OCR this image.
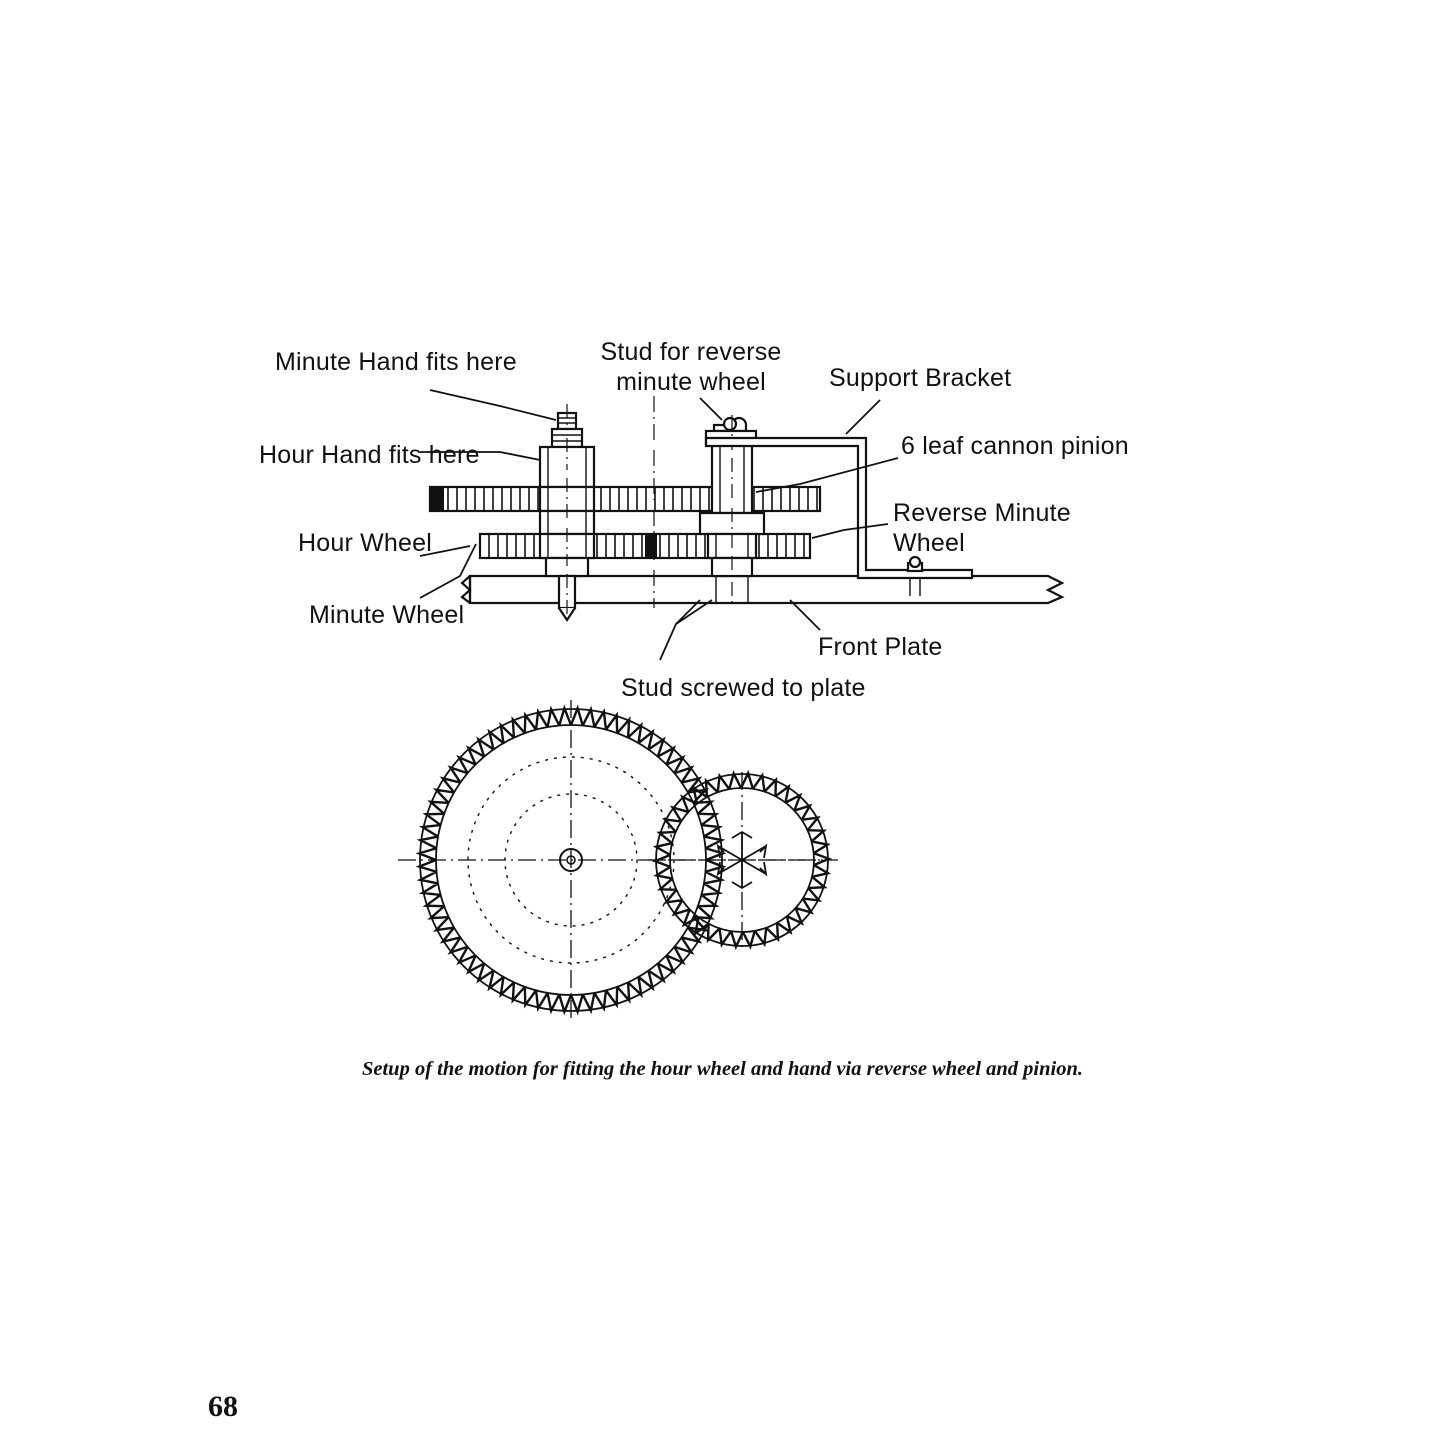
Minute Hand fits here
Hour Hand fits here
Stud for reverse
minute wheel	Support Bracket
6 leaf cannon pinion
Reverse Minute
Wheel
Hour Wheel
Minute Wheel
Front Plate
Stud screwed to plate
Setup of the motion for fitting the hour wheel and hand via reverse wheel and pinion.
68
